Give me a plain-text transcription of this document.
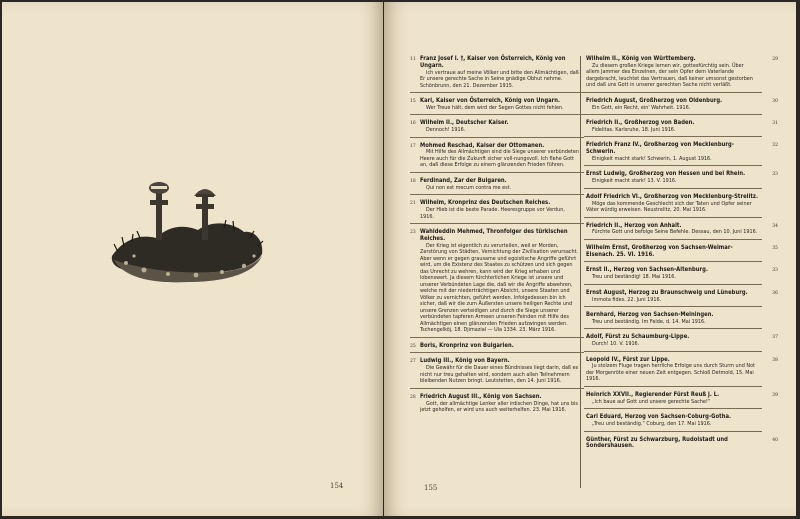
154
11 Franz Josef I. †, Kaiser von Österreich, König von Ungarn.
Ich vertraue auf meine Völker und bitte den Allmächtigen, daß Er unsere gerechte Sache in Seine gnädige Obhut nehme. Schönbrunn, den 21. Dezember 1915.
15 Karl, Kaiser von Österreich, König von Ungarn.
Wer Treue hält, dem wird der Segen Gottes nicht fehlen.
16 Wilhelm II., Deutscher Kaiser.
Dennoch! 1916.
17 Mohmed Reschad, Kaiser der Ottomanen.
Mit Hilfe des Allmächtigen sind die Siege unserer verbündeten Heere auch für die Zukunft sicher voll-nungsvoll. Ich flehe Gott an, daß diese Erfolge zu einem glänzenden Frieden führen.
18 Ferdinand, Zar der Bulgaren.
Qui non est mecum contra me est.
21 Wilhelm, Kronprinz des Deutschen Reiches.
Der Hieb ist die beste Parade. Heeresgruppe vor Verdun, 1916.
23 Wahideddin Mehmed, Thronfolger des türkischen Reiches.
Der Krieg ist eigentlich zu verurteilen, weil er Morden, Zerstörung von Städten, Vernichtung der Zivilisation verursacht. Aber wenn er gegen grausame und egoistische Angriffe geführt wird, um die Existenz des Staates zu schützen und sich gegen das Unrecht zu wehren, kann wird der Krieg erhaben und lobenswert. Ja diesem fürchterlichen Kriege ist unsere und unserer Verbündeten Lage die, daß wir die Angriffe abwehren, welche mit der niederträchtigen Absicht, unsere Staaten und Völker zu vernichten, geführt werden. Infolgedessen bin ich sicher, daß wir die zum Äußersten unsere heiligen Rechte und unsere Grenzen verteidigen und durch die Siege unserer verbündeten tapferen Armeen unseren Feinden mit Hilfe des Allmächtigen einen glänzenden Frieden aufzwingen werden. Tschengelköj, 18. Djimazial — Ula 1334. 23. März 1916.
25 Boris, Kronprinz von Bulgarien.
27 Ludwig III., König von Bayern.
Die Gewähr für die Dauer eines Bündnisses liegt darin, daß es nicht nur treu gehalten wird, sondern auch allen Teilnehmern bleibenden Nutzen bringt. Leutstetten, den 14. Juni 1916.
28 Friedrich August III., König von Sachsen.
Gott, der allmächtige Lenker aller irdischen Dinge, hat uns bis jetzt geholfen, er wird uns auch weiterhelfen. 23. Mai 1916.
29
Wilhelm II., König von Württemberg.
Zu diesem großen Kriege lernen wir, gottesfürchtig sein. Über allem Jammer des Einzelnen, der sein Opfer dem Vaterlande dargebracht, leuchtet das Vertrauen, daß keiner umsonst gestorben und daß uns Gott in unserer gerechten Sache nicht verläßt.
30
Friedrich August, Großherzog von Oldenburg.
Ein Gott, ein Recht, ein' Wahrheit. 1916.
31
Friedrich II., Großherzog von Baden.
Fidelitas. Karlsruhe, 18. Juni 1916.
32
Friedrich Franz IV., Großherzog von Mecklenburg-Schwerin.
Einigkeit macht stark! Schwerin, 1. August 1916.
33
Ernst Ludwig, Großherzog von Hessen und bei Rhein.
Einigkeit macht stark! 13. V. 1916.
Adolf Friedrich VI., Großherzog von Mecklenburg-Strelitz.
Möge das kommende Geschlecht sich der Taten und Opfer seiner Väter würdig erweisen. Neustrelitz, 20. Mai 1916.
34
Friedrich II., Herzog von Anhalt.
Fürchte Gott und befolge Seine Befehle. Dessau, den 10. Juni 1916.
35
Wilhelm Ernst, Großherzog von Sachsen-Weimar-Eisenach. 25. VI. 1916.
33
Ernst II., Herzog von Sachsen-Altenburg.
Treu und beständig! 18. Mai 1916.
36
Ernst August, Herzog zu Braunschweig und Lüneburg.
Immota fides. 22. Juni 1916.
Bernhard, Herzog von Sachsen-Meiningen.
Treu und beständig. Im Felde, d. 14. Mai 1916.
37
Adolf, Fürst zu Schaumburg-Lippe.
Durch! 10. V. 1916.
38
Leopold IV., Fürst zur Lippe.
Ju stolzem Fluge tragen herrliche Erfolge uns durch Sturm und Not der Morgenröte einer neuen Zeit entgegen. Schloß Detmold, 15. Mai 1916.
39
Heinrich XXVII., Regierender Fürst Reuß j. L.
„Ich baue auf Gott und unsere gerechte Sache!“
Carl Eduard, Herzog von Sachsen-Coburg-Gotha.
„Treu und beständig.“ Coburg, den 17. Mai 1916.
40
Günther, Fürst zu Schwarzburg, Rudolstadt und Sondershausen.
155
